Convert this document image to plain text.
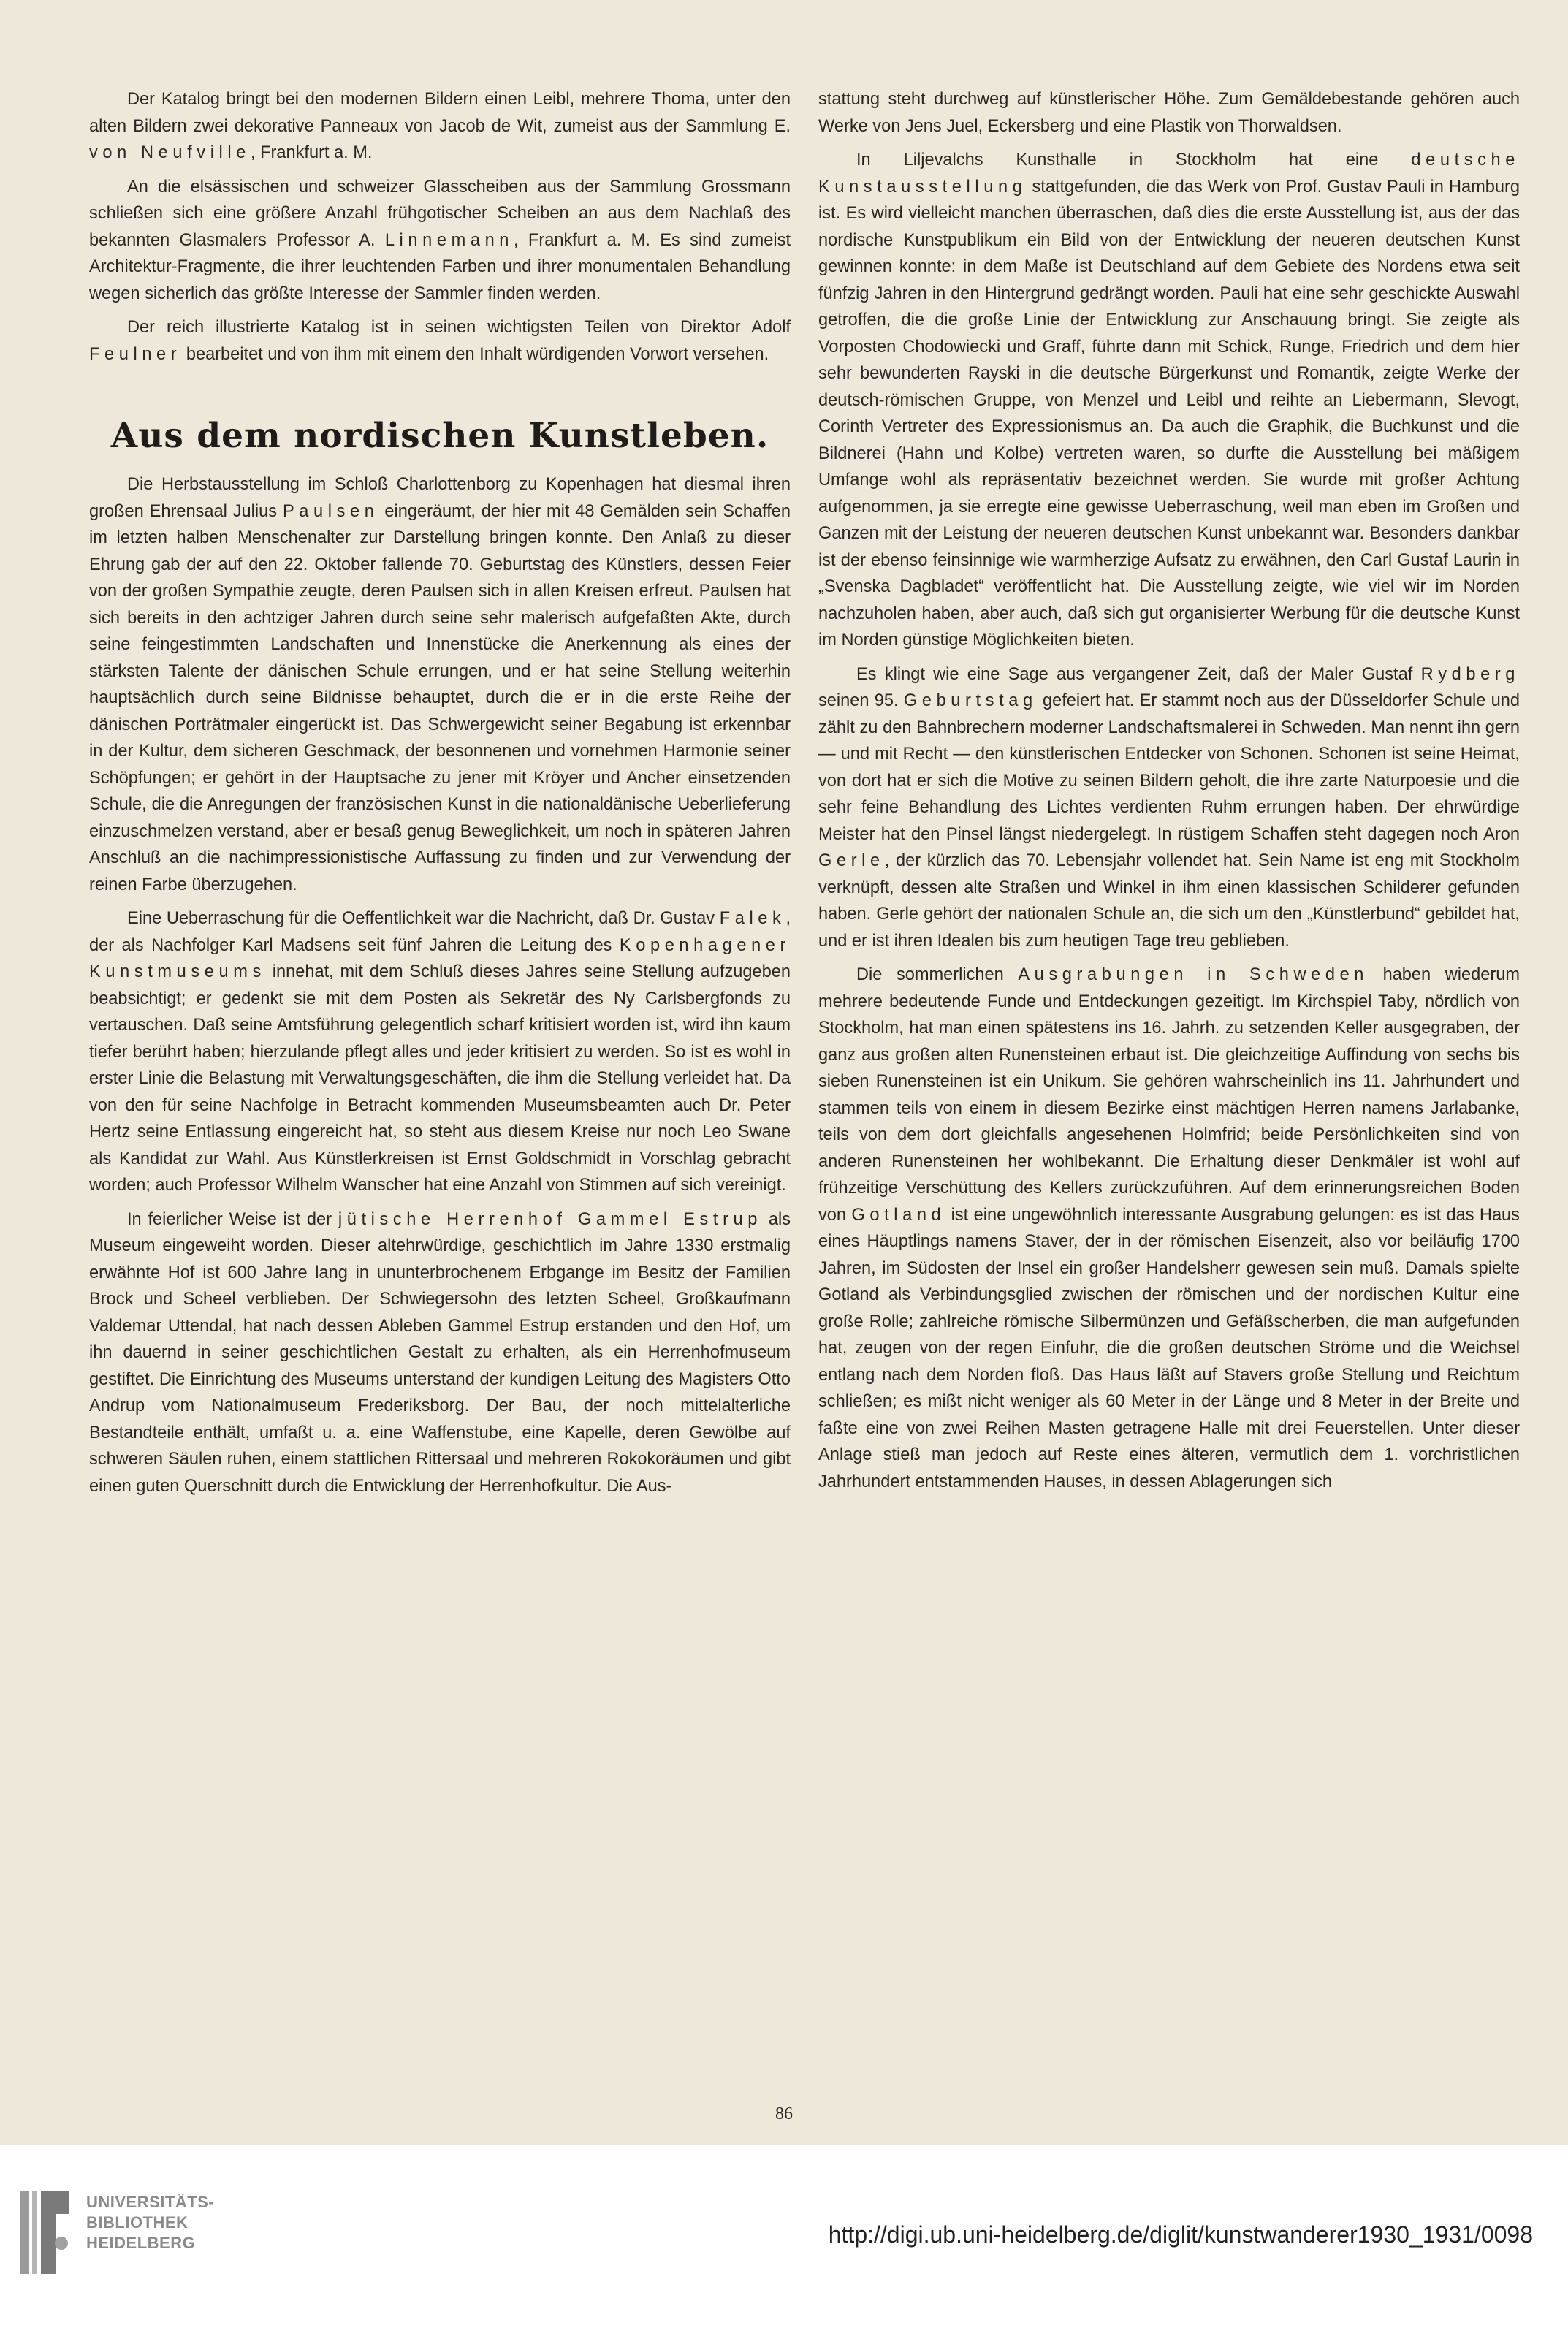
Der Katalog bringt bei den modernen Bildern einen Leibl, mehrere Thoma, unter den alten Bildern zwei dekorative Panneaux von Jacob de Wit, zumeist aus der Sammlung E. von Neufville, Frankfurt a. M.

An die elsässischen und schweizer Glasscheiben aus der Sammlung Grossmann schließen sich eine größere Anzahl frühgotischer Scheiben an aus dem Nachlaß des bekannten Glasmalers Professor A. Linnemann, Frankfurt a. M. Es sind zumeist Architektur-Fragmente, die ihrer leuchtenden Farben und ihrer monumentalen Behandlung wegen sicherlich das größte Interesse der Sammler finden werden.

Der reich illustrierte Katalog ist in seinen wichtigsten Teilen von Direktor Adolf Feulner bearbeitet und von ihm mit einem den Inhalt würdigenden Vorwort versehen.

Aus dem nordischen Kunstleben.

Die Herbstausstellung im Schloß Charlottenborg zu Kopenhagen hat diesmal ihren großen Ehrensaal Julius Paulsen eingeräumt, der hier mit 48 Gemälden sein Schaffen im letzten halben Menschenalter zur Darstellung bringen konnte. Den Anlaß zu dieser Ehrung gab der auf den 22. Oktober fallende 70. Geburtstag des Künstlers, dessen Feier von der großen Sympathie zeugte, deren Paulsen sich in allen Kreisen erfreut. Paulsen hat sich bereits in den achtziger Jahren durch seine sehr malerisch aufgefaßten Akte, durch seine feingestimmten Landschaften und Innenstücke die Anerkennung als eines der stärksten Talente der dänischen Schule errungen, und er hat seine Stellung weiterhin hauptsächlich durch seine Bildnisse behauptet, durch die er in die erste Reihe der dänischen Porträtmaler eingerückt ist. Das Schwergewicht seiner Begabung ist erkennbar in der Kultur, dem sicheren Geschmack, der besonnenen und vornehmen Harmonie seiner Schöpfungen; er gehört in der Hauptsache zu jener mit Kröyer und Ancher einsetzenden Schule, die die Anregungen der französischen Kunst in die nationaldänische Ueberlieferung einzuschmelzen verstand, aber er besaß genug Beweglichkeit, um noch in späteren Jahren Anschluß an die nachimpressionistische Auffassung zu finden und zur Verwendung der reinen Farbe überzugehen.

Eine Ueberraschung für die Oeffentlichkeit war die Nachricht, daß Dr. Gustav Falek, der als Nachfolger Karl Madsens seit fünf Jahren die Leitung des Kopenhagener Kunstmuseums innehat, mit dem Schluß dieses Jahres seine Stellung aufzugeben beabsichtigt; er gedenkt sie mit dem Posten als Sekretär des Ny Carlsbergfonds zu vertauschen. Daß seine Amtsführung gelegentlich scharf kritisiert worden ist, wird ihn kaum tiefer berührt haben; hierzulande pflegt alles und jeder kritisiert zu werden. So ist es wohl in erster Linie die Belastung mit Verwaltungsgeschäften, die ihm die Stellung verleidet hat. Da von den für seine Nachfolge in Betracht kommenden Museumsbeamten auch Dr. Peter Hertz seine Entlassung eingereicht hat, so steht aus diesem Kreise nur noch Leo Swane als Kandidat zur Wahl. Aus Künstlerkreisen ist Ernst Goldschmidt in Vorschlag gebracht worden; auch Professor Wilhelm Wanscher hat eine Anzahl von Stimmen auf sich vereinigt.

In feierlicher Weise ist der jütische Herrenhof Gammel Estrup als Museum eingeweiht worden. Dieser altehrwürdige, geschichtlich im Jahre 1330 erstmalig erwähnte Hof ist 600 Jahre lang in ununterbrochenem Erbgange im Besitz der Familien Brock und Scheel verblieben. Der Schwiegersohn des letzten Scheel, Großkaufmann Valdemar Uttendal, hat nach dessen Ableben Gammel Estrup erstanden und den Hof, um ihn dauernd in seiner geschichtlichen Gestalt zu erhalten, als ein Herrenhofmuseum gestiftet. Die Einrichtung des Museums unterstand der kundigen Leitung des Magisters Otto Andrup vom Nationalmuseum Frederiksborg. Der Bau, der noch mittelalterliche Bestandteile enthält, umfaßt u. a. eine Waffenstube, eine Kapelle, deren Gewölbe auf schweren Säulen ruhen, einem stattlichen Rittersaal und mehreren Rokokoräumen und gibt einen guten Querschnitt durch die Entwicklung der Herrenhofkultur. Die Aus-

stattung steht durchweg auf künstlerischer Höhe. Zum Gemäldebestande gehören auch Werke von Jens Juel, Eckersberg und eine Plastik von Thorwaldsen.

In Liljevalchs Kunsthalle in Stockholm hat eine deutsche Kunstausstellung stattgefunden, die das Werk von Prof. Gustav Pauli in Hamburg ist. Es wird vielleicht manchen überraschen, daß dies die erste Ausstellung ist, aus der das nordische Kunstpublikum ein Bild von der Entwicklung der neueren deutschen Kunst gewinnen konnte: in dem Maße ist Deutschland auf dem Gebiete des Nordens etwa seit fünfzig Jahren in den Hintergrund gedrängt worden. Pauli hat eine sehr geschickte Auswahl getroffen, die die große Linie der Entwicklung zur Anschauung bringt. Sie zeigte als Vorposten Chodowiecki und Graff, führte dann mit Schick, Runge, Friedrich und dem hier sehr bewunderten Rayski in die deutsche Bürgerkunst und Romantik, zeigte Werke der deutsch-römischen Gruppe, von Menzel und Leibl und reihte an Liebermann, Slevogt, Corinth Vertreter des Expressionismus an. Da auch die Graphik, die Buchkunst und die Bildnerei (Hahn und Kolbe) vertreten waren, so durfte die Ausstellung bei mäßigem Umfange wohl als repräsentativ bezeichnet werden. Sie wurde mit großer Achtung aufgenommen, ja sie erregte eine gewisse Ueberraschung, weil man eben im Großen und Ganzen mit der Leistung der neueren deutschen Kunst unbekannt war. Besonders dankbar ist der ebenso feinsinnige wie warmherzige Aufsatz zu erwähnen, den Carl Gustaf Laurin in „Svenska Dagbladet“ veröffentlicht hat. Die Ausstellung zeigte, wie viel wir im Norden nachzuholen haben, aber auch, daß sich gut organisierter Werbung für die deutsche Kunst im Norden günstige Möglichkeiten bieten.

Es klingt wie eine Sage aus vergangener Zeit, daß der Maler Gustaf Rydberg seinen 95. Geburtstag gefeiert hat. Er stammt noch aus der Düsseldorfer Schule und zählt zu den Bahnbrechern moderner Landschaftsmalerei in Schweden. Man nennt ihn gern — und mit Recht — den künstlerischen Entdecker von Schonen. Schonen ist seine Heimat, von dort hat er sich die Motive zu seinen Bildern geholt, die ihre zarte Naturpoesie und die sehr feine Behandlung des Lichtes verdienten Ruhm errungen haben. Der ehrwürdige Meister hat den Pinsel längst niedergelegt. In rüstigem Schaffen steht dagegen noch Aron Gerle, der kürzlich das 70. Lebensjahr vollendet hat. Sein Name ist eng mit Stockholm verknüpft, dessen alte Straßen und Winkel in ihm einen klassischen Schilderer gefunden haben. Gerle gehört der nationalen Schule an, die sich um den „Künstlerbund“ gebildet hat, und er ist ihren Idealen bis zum heutigen Tage treu geblieben.

Die sommerlichen Ausgrabungen in Schweden haben wiederum mehrere bedeutende Funde und Entdeckungen gezeitigt. Im Kirchspiel Taby, nördlich von Stockholm, hat man einen spätestens ins 16. Jahrh. zu setzenden Keller ausgegraben, der ganz aus großen alten Runensteinen erbaut ist. Die gleichzeitige Auffindung von sechs bis sieben Runensteinen ist ein Unikum. Sie gehören wahrscheinlich ins 11. Jahrhundert und stammen teils von einem in diesem Bezirke einst mächtigen Herren namens Jarlabanke, teils von dem dort gleichfalls angesehenen Holmfrid; beide Persönlichkeiten sind von anderen Runensteinen her wohlbekannt. Die Erhaltung dieser Denkmäler ist wohl auf frühzeitige Verschüttung des Kellers zurückzuführen. Auf dem erinnerungsreichen Boden von Gotland ist eine ungewöhnlich interessante Ausgrabung gelungen: es ist das Haus eines Häuptlings namens Staver, der in der römischen Eisenzeit, also vor beiläufig 1700 Jahren, im Südosten der Insel ein großer Handelsherr gewesen sein muß. Damals spielte Gotland als Verbindungsglied zwischen der römischen und der nordischen Kultur eine große Rolle; zahlreiche römische Silbermünzen und Gefäßscherben, die man aufgefunden hat, zeugen von der regen Einfuhr, die die großen deutschen Ströme und die Weichsel entlang nach dem Norden floß. Das Haus läßt auf Stavers große Stellung und Reichtum schließen; es mißt nicht weniger als 60 Meter in der Länge und 8 Meter in der Breite und faßte eine von zwei Reihen Masten getragene Halle mit drei Feuerstellen. Unter dieser Anlage stieß man jedoch auf Reste eines älteren, vermutlich dem 1. vorchristlichen Jahrhundert entstammenden Hauses, in dessen Ablagerungen sich

86
UNIVERSITÄTS-
BIBLIOTHEK
HEIDELBERG	http://digi.ub.uni-heidelberg.de/diglit/kunstwanderer1930_1931/0098
